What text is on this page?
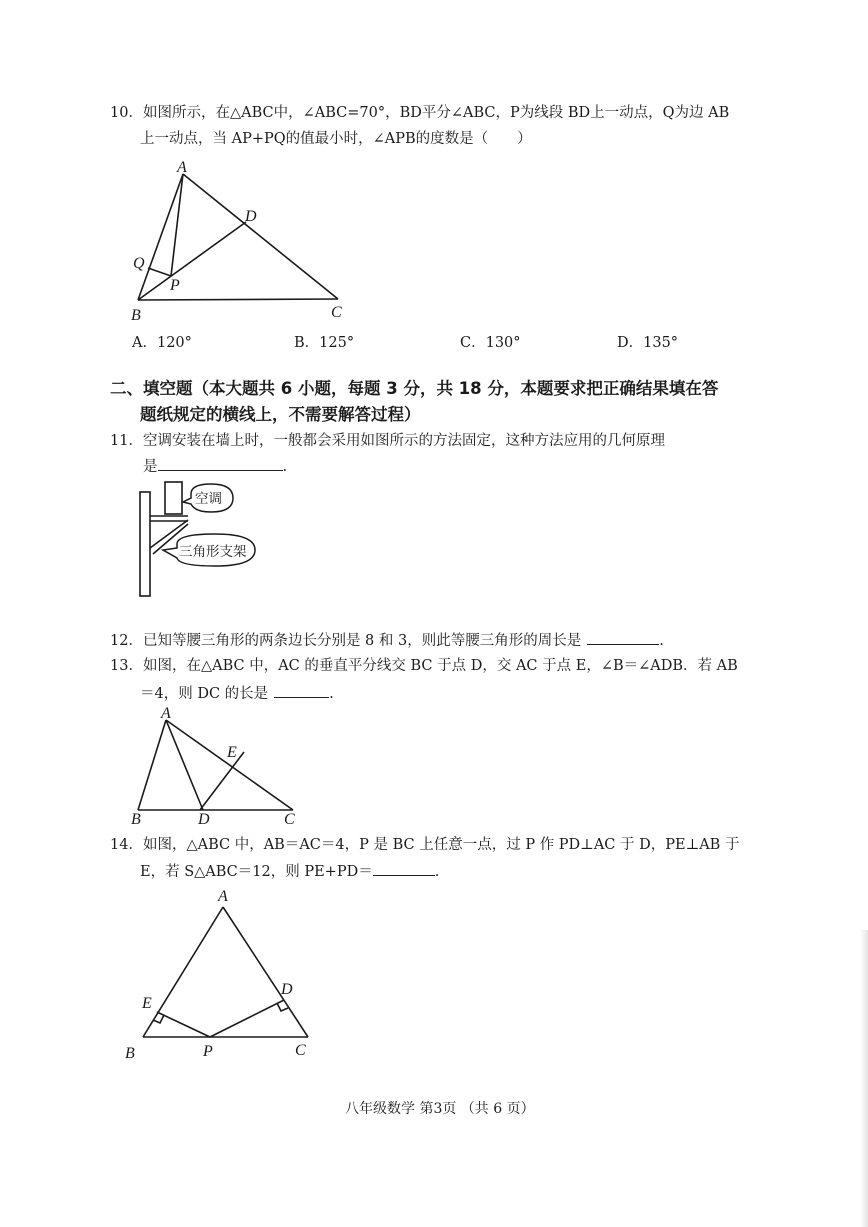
10．如图所示，在△ABC中，∠ABC=70°，BD平分∠ABC，P为线段 BD上一动点，Q为边 AB
上一动点，当 AP+PQ的值最小时，∠APB的度数是（　　）
A
B	C
D
P
Q
A．120°	B．125°	C．130°	D．135°
二、填空题（本大题共 6 小题，每题 3 分，共 18 分，本题要求把正确结果填在答
题纸规定的横线上，不需要解答过程）
11．空调安装在墙上时，一般都会采用如图所示的方法固定，这种方法应用的几何原理
是	.
空调
三角形支架
12．已知等腰三角形的两条边长分别是 8 和 3，则此等腰三角形的周长是	.
13．如图，在△ABC 中，AC 的垂直平分线交 BC 于点 D，交 AC 于点 E，∠B＝∠ADB．若 AB
＝4，则 DC 的长是	.
A
B	C
D
E
14．如图，△ABC 中，AB＝AC＝4，P 是 BC 上任意一点，过 P 作 PD⊥AC 于 D，PE⊥AB 于
E，若 S△ABC＝12，则 PE+PD＝	.
A
B	C
D
E
P
八年级数学 第3页 （共 6 页）
